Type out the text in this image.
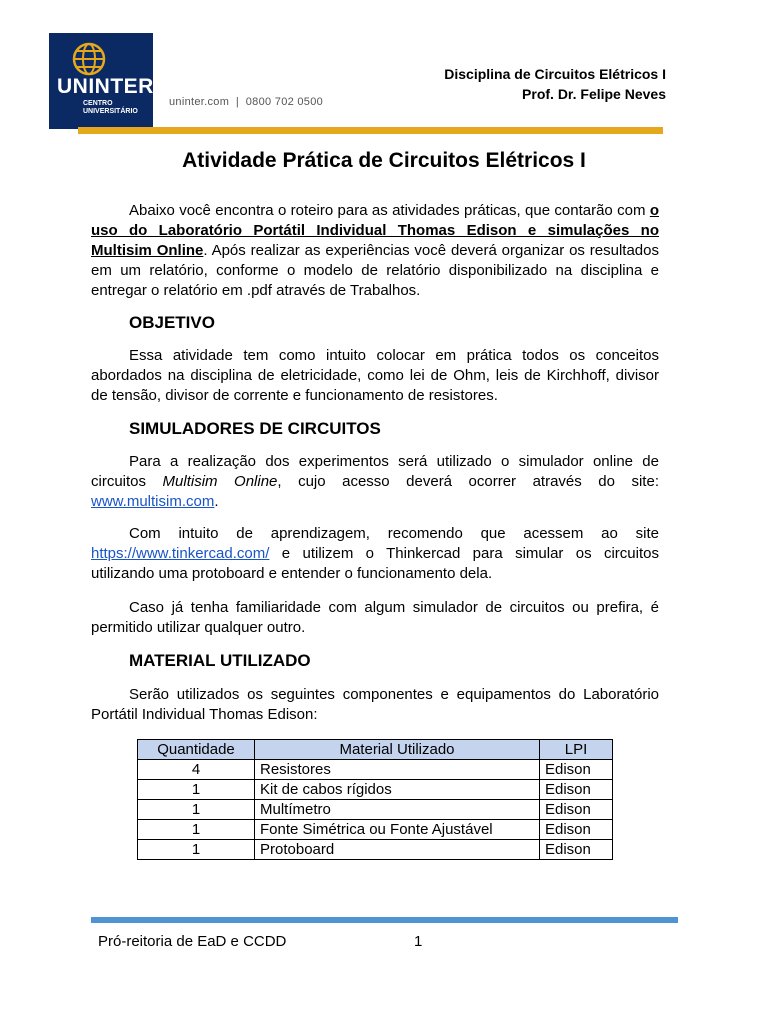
UNINTER
CENTRO
UNIVERSITÁRIO
uninter.com  |  0800 702 0500
Disciplina de Circuitos Elétricos I
Prof. Dr. Felipe Neves
Atividade Prática de Circuitos Elétricos I
Abaixo você encontra o roteiro para as atividades práticas, que contarão com o uso do Laboratório Portátil Individual Thomas Edison e simulações no Multisim Online. Após realizar as experiências você deverá organizar os resultados em um relatório, conforme o modelo de relatório disponibilizado na disciplina e entregar o relatório em .pdf através de Trabalhos.
OBJETIVO
Essa atividade tem como intuito colocar em prática todos os conceitos abordados na disciplina de eletricidade, como lei de Ohm, leis de Kirchhoff, divisor de tensão, divisor de corrente e funcionamento de resistores.
SIMULADORES DE CIRCUITOS
Para a realização dos experimentos será utilizado o simulador online de circuitos Multisim Online, cujo acesso deverá ocorrer através do site: www.multisim.com.
Com intuito de aprendizagem, recomendo que acessem ao site https://www.tinkercad.com/ e utilizem o Thinkercad para simular os circuitos utilizando uma protoboard e entender o funcionamento dela.
Caso já tenha familiaridade com algum simulador de circuitos ou prefira, é permitido utilizar qualquer outro.
MATERIAL UTILIZADO
Serão utilizados os seguintes componentes e equipamentos do Laboratório Portátil Individual Thomas Edison:
Quantidade	Material Utilizado	LPI
4	Resistores	Edison
1	Kit de cabos rígidos	Edison
1	Multímetro	Edison
1	Fonte Simétrica ou Fonte Ajustável	Edison
1	Protoboard	Edison
Pró-reitoria de EaD e CCDD	1
